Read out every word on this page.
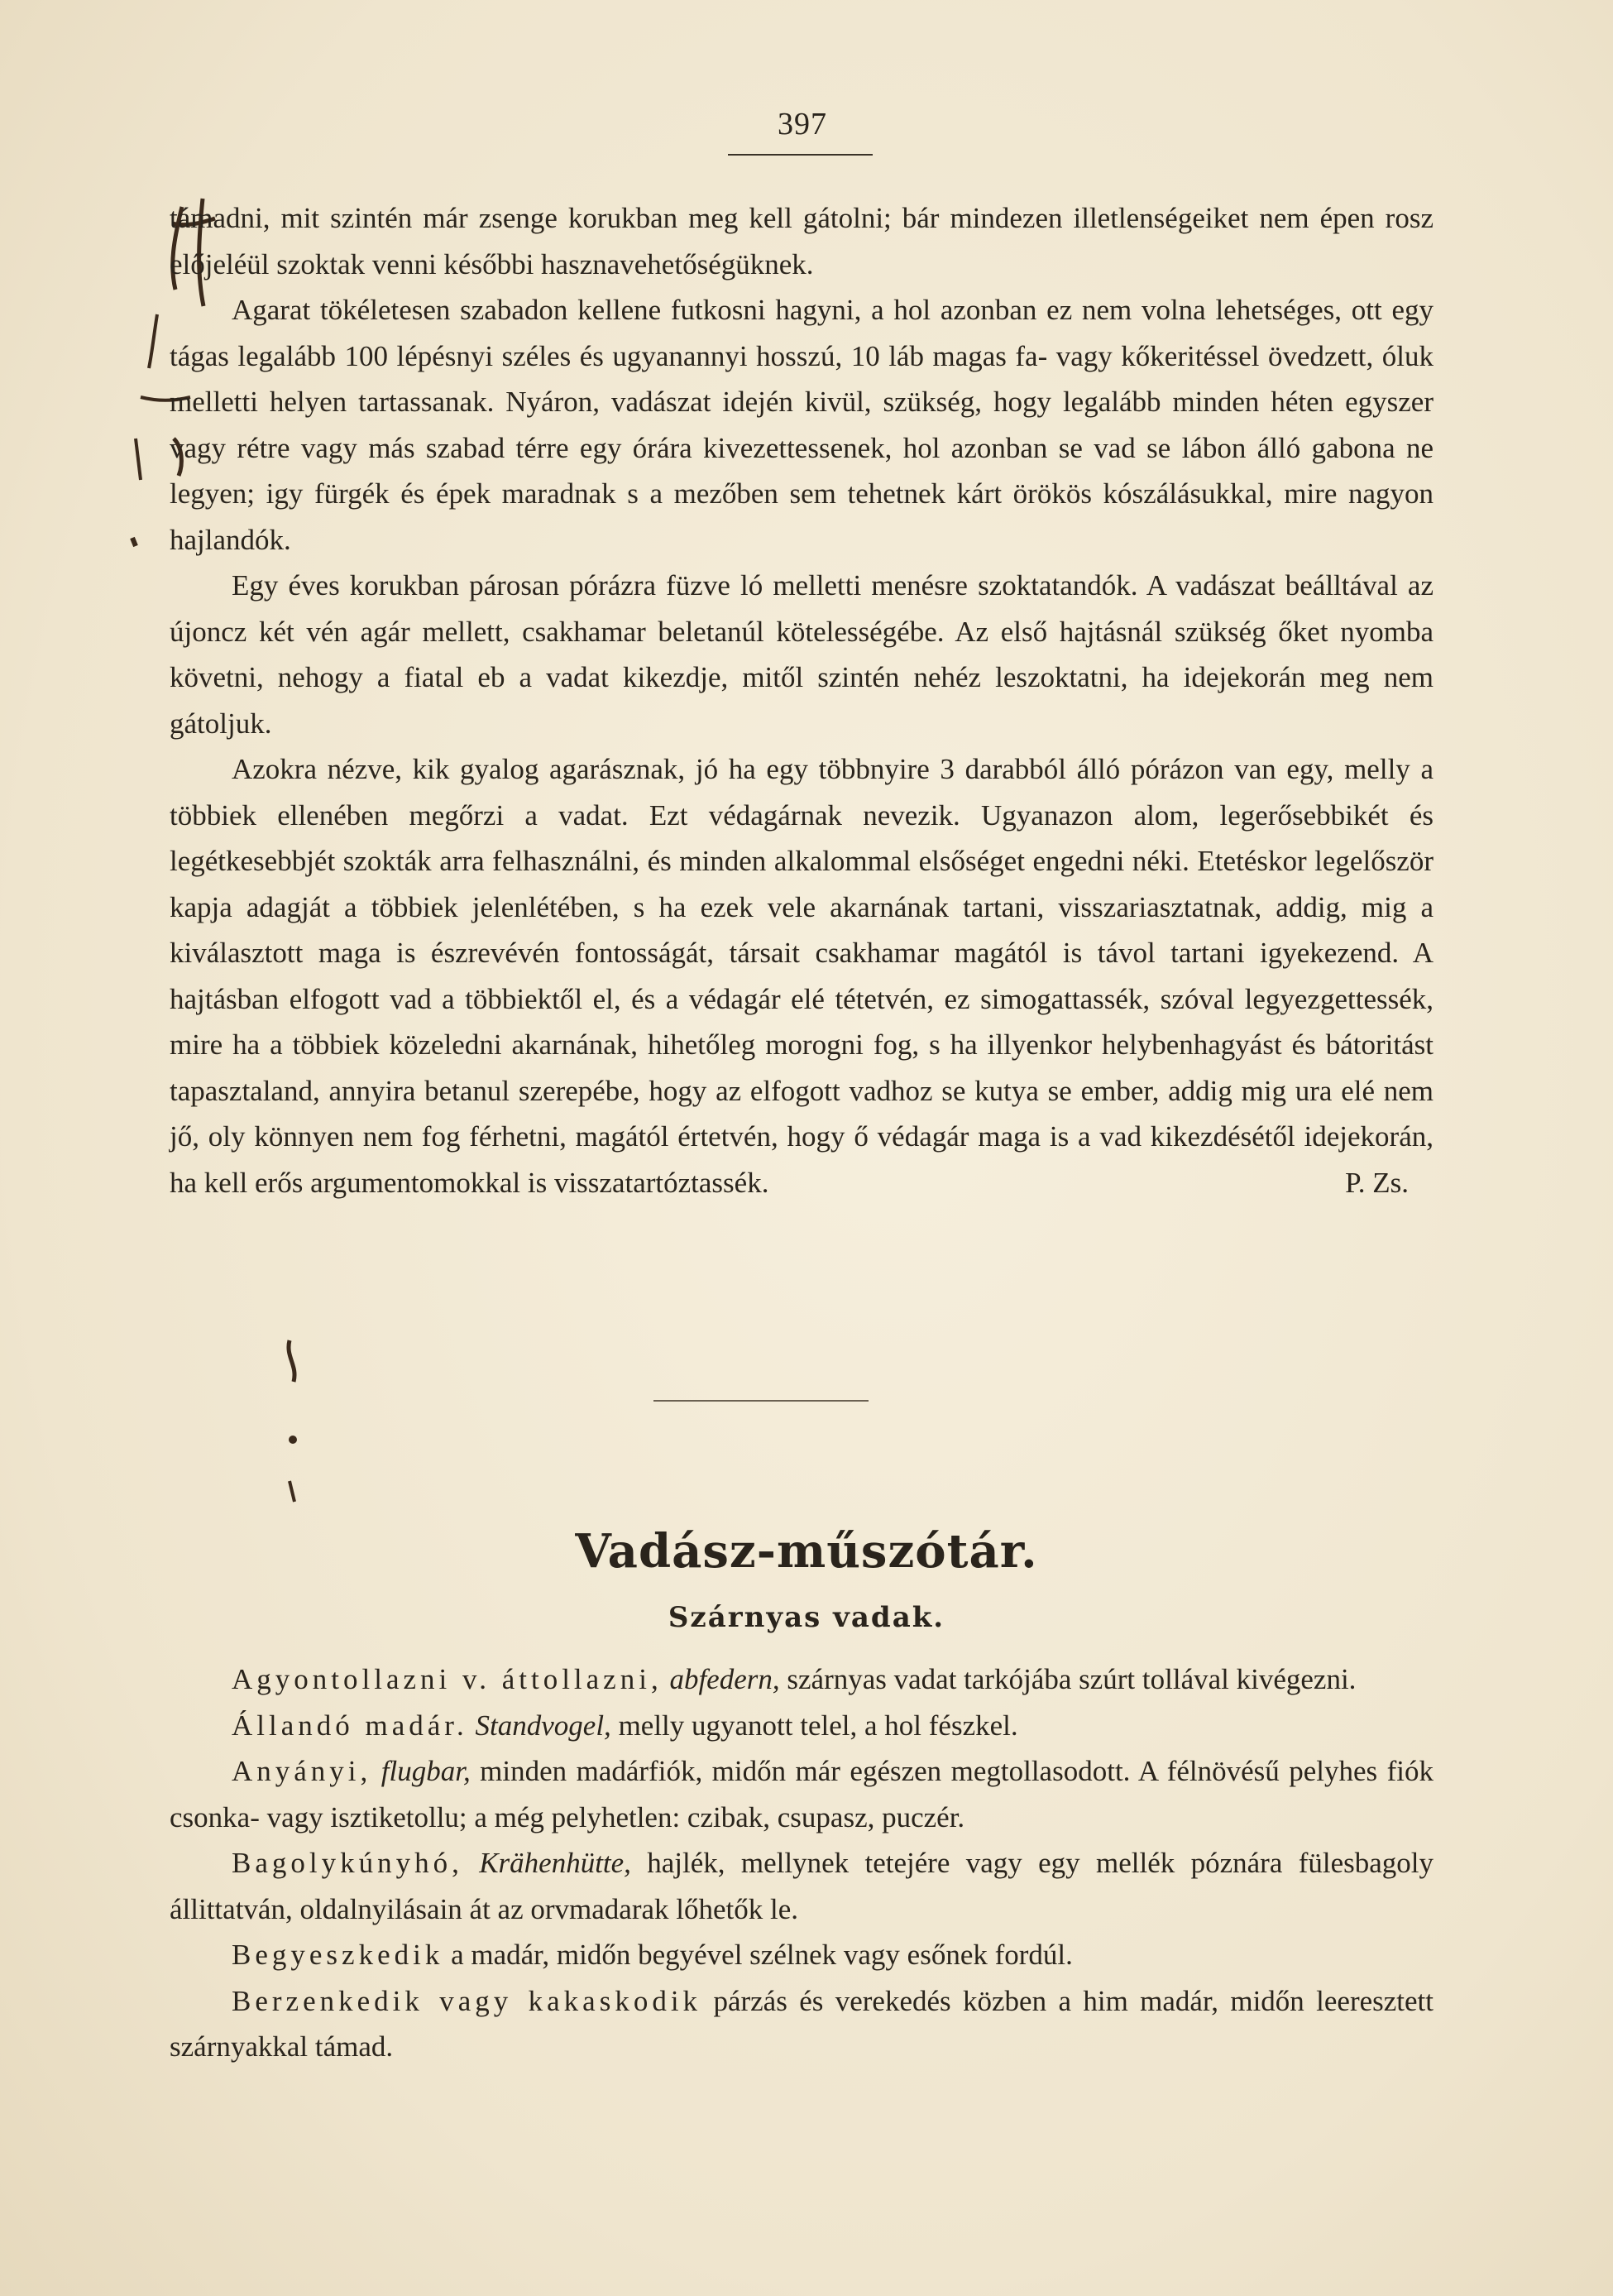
397

támadni, mit szintén már zsenge korukban meg kell gátolni; bár mindezen illetlenségeiket nem épen rosz előjeléül szoktak venni későbbi hasznavehetőségüknek.

Agarat tökéletesen szabadon kellene futkosni hagyni, a hol azonban ez nem volna lehetséges, ott egy tágas legalább 100 lépésnyi széles és ugyanannyi hosszú, 10 láb magas fa- vagy kőkeritéssel övedzett, óluk melletti helyen tartassanak. Nyáron, vadászat idején kivül, szükség, hogy legalább minden héten egyszer vagy rétre vagy más szabad térre egy órára kivezettessenek, hol azonban se vad se lábon álló gabona ne legyen; igy fürgék és épek maradnak s a mezőben sem tehetnek kárt örökös kószálásukkal, mire nagyon hajlandók.

Egy éves korukban párosan pórázra füzve ló melletti menésre szoktatandók. A vadászat beálltával az újoncz két vén agár mellett, csakhamar beletanúl kötelességébe. Az első hajtásnál szükség őket nyomba követni, nehogy a fiatal eb a vadat kikezdje, mitől szintén nehéz leszoktatni, ha idejekorán meg nem gátoljuk.

Azokra nézve, kik gyalog agarásznak, jó ha egy többnyire 3 darabból álló pórázon van egy, melly a többiek ellenében megőrzi a vadat. Ezt védagárnak nevezik. Ugyanazon alom, legerősebbikét és legétkesebbjét szokták arra felhasználni, és minden alkalommal elsőséget engedni néki. Etetéskor legelőször kapja adagját a többiek jelenlétében, s ha ezek vele akarnának tartani, visszariasztatnak, addig, mig a kiválasztott maga is észrevévén fontosságát, társait csakhamar magától is távol tartani igyekezend. A hajtásban elfogott vad a többiektől el, és a védagár elé tétetvén, ez simogattassék, szóval legyezgettessék, mire ha a többiek közeledni akarnának, hihetőleg morogni fog, s ha illyenkor helybenhagyást és bátoritást tapasztaland, annyira betanul szerepébe, hogy az elfogott vadhoz se kutya se ember, addig mig ura elé nem jő, oly könnyen nem fog férhetni, magától értetvén, hogy ő védagár maga is a vad kikezdésétől idejekorán, ha kell erős argumentomokkal is visszatartóztassék.	P. Zs.
Vadász-műszótár.
Szárnyas vadak.

Agyontollazni v. áttollazni, abfedern, szárnyas vadat tarkójába szúrt tollával kivégezni.

Állandó madár. Standvogel, melly ugyanott telel, a hol fészkel.

Anyányi, flugbar, minden madárfiók, midőn már egészen megtollasodott. A félnövésű pelyhes fiók csonka- vagy isztiketollu; a még pelyhetlen: czibak, csupasz, puczér.

Bagolykúnyhó, Krähenhütte, hajlék, mellynek tetejére vagy egy mellék póznára fülesbagoly állittatván, oldalnyilásain át az orvmadarak lőhetők le.

Begyeszkedik a madár, midőn begyével szélnek vagy esőnek fordúl.

Berzenkedik vagy kakaskodik párzás és verekedés közben a him madár, midőn leeresztett szárnyakkal támad.
